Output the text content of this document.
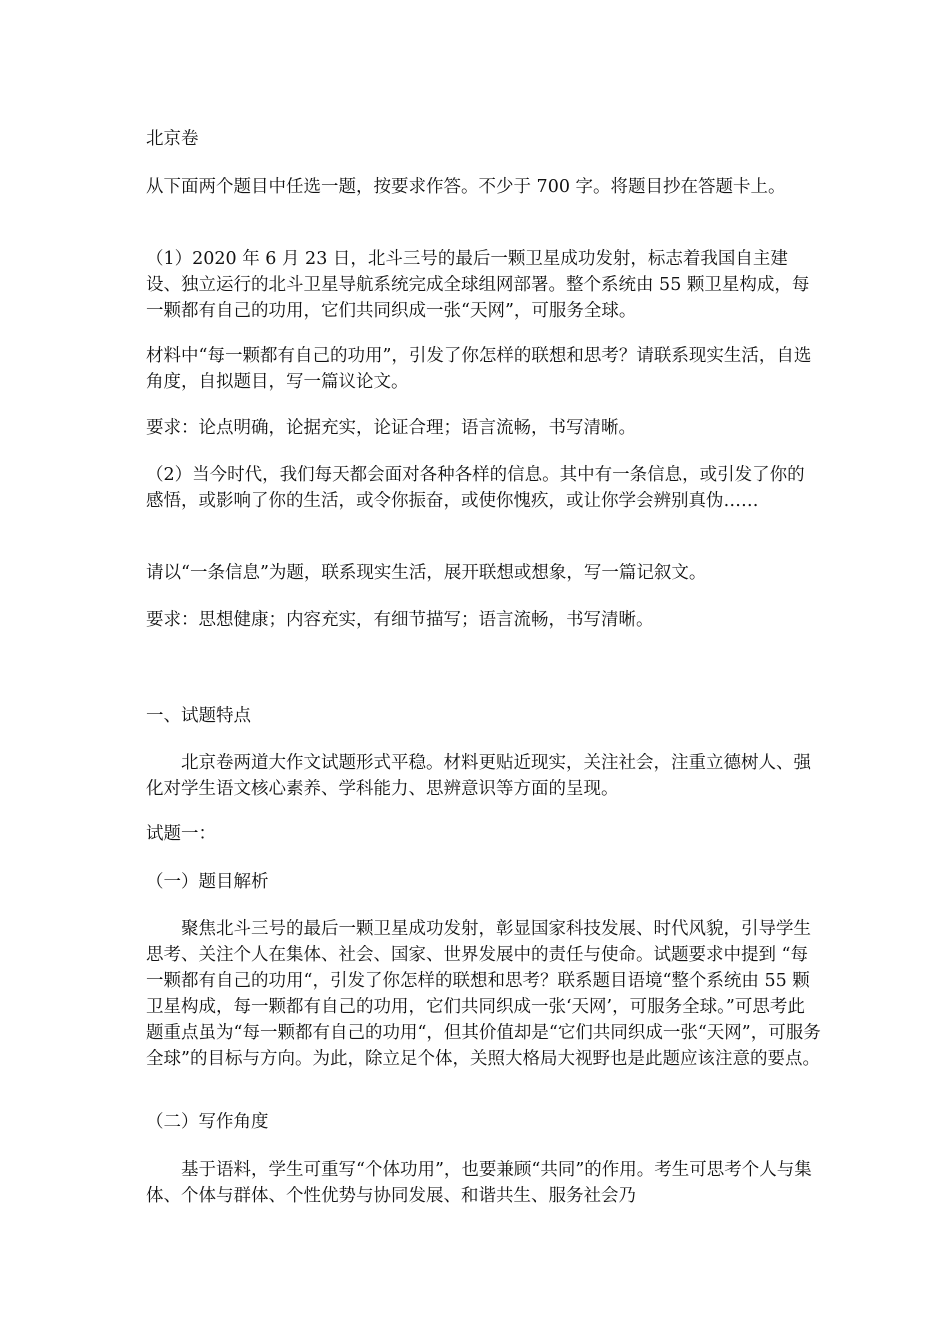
北京卷

从下面两个题目中任选一题，按要求作答。不少于 700 字。将题目抄在答题卡上。

（1）2020 年 6 月 23 日，北斗三号的最后一颗卫星成功发射，标志着我国自主建设、独立运行的北斗卫星导航系统完成全球组网部署。整个系统由 55 颗卫星构成，每一颗都有自己的功用，它们共同织成一张“天网”，可服务全球。

材料中“每一颗都有自己的功用”，引发了你怎样的联想和思考？请联系现实生活，自选角度，自拟题目，写一篇议论文。

要求：论点明确，论据充实，论证合理；语言流畅，书写清晰。

（2）当今时代，我们每天都会面对各种各样的信息。其中有一条信息，或引发了你的感悟，或影响了你的生活，或令你振奋，或使你愧疚，或让你学会辨别真伪……

请以“一条信息”为题，联系现实生活，展开联想或想象，写一篇记叙文。

要求：思想健康；内容充实，有细节描写；语言流畅，书写清晰。

一、试题特点

北京卷两道大作文试题形式平稳。材料更贴近现实，关注社会，注重立德树人、强化对学生语文核心素养、学科能力、思辨意识等方面的呈现。

试题一：

（一）题目解析

聚焦北斗三号的最后一颗卫星成功发射，彰显国家科技发展、时代风貌，引导学生思考、关注个人在集体、社会、国家、世界发展中的责任与使命。试题要求中提到 “每一颗都有自己的功用“，引发了你怎样的联想和思考？联系题目语境“整个系统由 55 颗卫星构成，每一颗都有自己的功用，它们共同织成一张‘天网’，可服务全球。”可思考此题重点虽为“每一颗都有自己的功用“，但其价值却是“它们共同织成一张“天网”，可服务全球”的目标与方向。为此，除立足个体，关照大格局大视野也是此题应该注意的要点。

（二）写作角度

基于语料，学生可重写“个体功用”，也要兼顾“共同”的作用。考生可思考个人与集体、个体与群体、个性优势与协同发展、和谐共生、服务社会乃
